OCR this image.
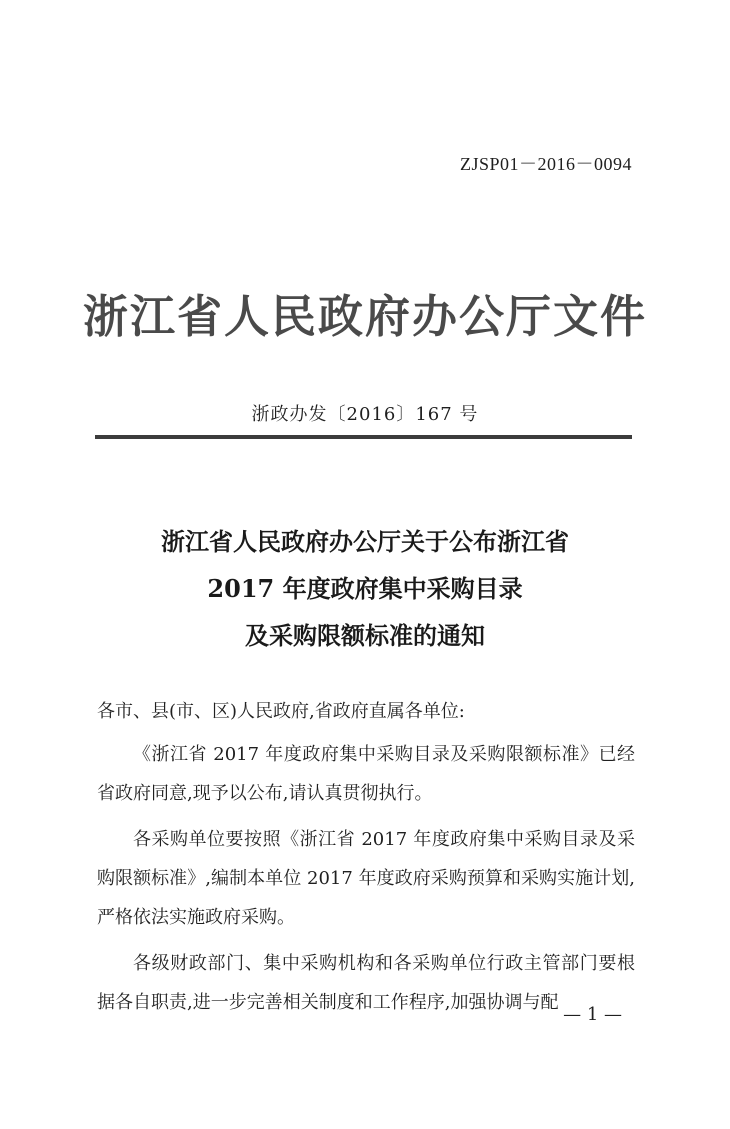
ZJSP01－2016－0094
浙江省人民政府办公厅文件
浙政办发〔2016〕167 号
浙江省人民政府办公厅关于公布浙江省
2017 年度政府集中采购目录
及采购限额标准的通知

各市、县(市、区)人民政府,省政府直属各单位:

《浙江省 2017 年度政府集中采购目录及采购限额标准》已经省政府同意,现予以公布,请认真贯彻执行。

各采购单位要按照《浙江省 2017 年度政府集中采购目录及采购限额标准》,编制本单位 2017 年度政府采购预算和采购实施计划,严格依法实施政府采购。

各级财政部门、集中采购机构和各采购单位行政主管部门要根据各自职责,进一步完善相关制度和工作程序,加强协调与配

— 1 —
